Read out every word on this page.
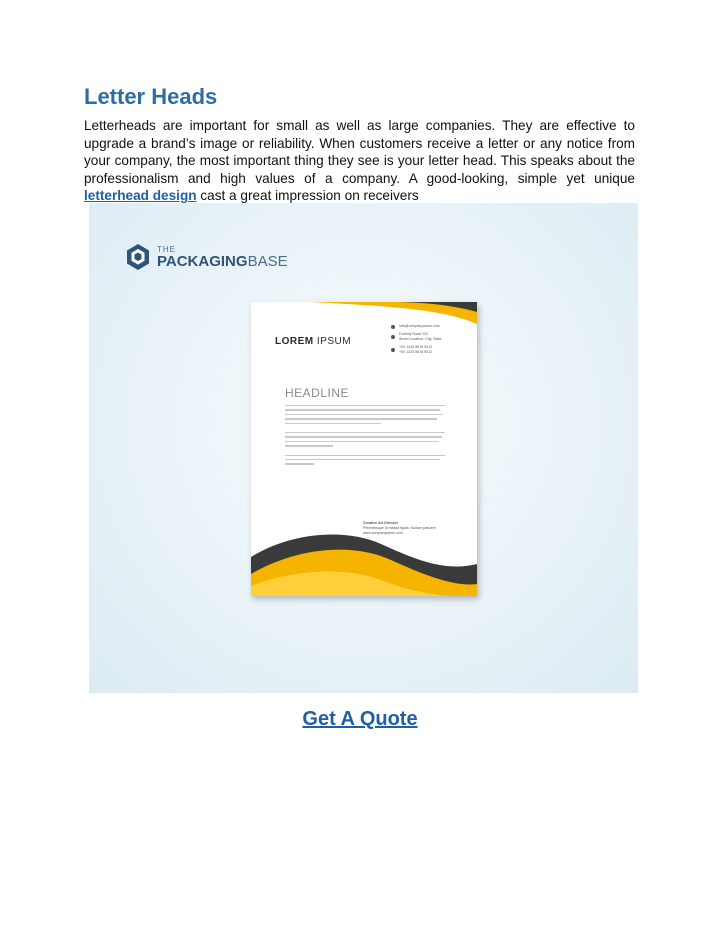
Letter Heads

Letterheads are important for small as well as large companies. They are effective to upgrade a brand’s image or reliability. When customers receive a letter or any notice from your company, the most important thing they see is your letter head. This speaks about the professionalism and high values of a company. A good-looking, simple yet unique letterhead design cast a great impression on receivers

THE
PACKAGINGBASE
LOREM IPSUM
info@companyname.com
Dummy Road 123
Street Location, City, State
+00 1234 5678 9012
+00 1234 5678 9012
HEADLINE
Creative Art Director
Pellentesque id massa ligula. Nullam posuere
www.companyname.com
Get A Quote
